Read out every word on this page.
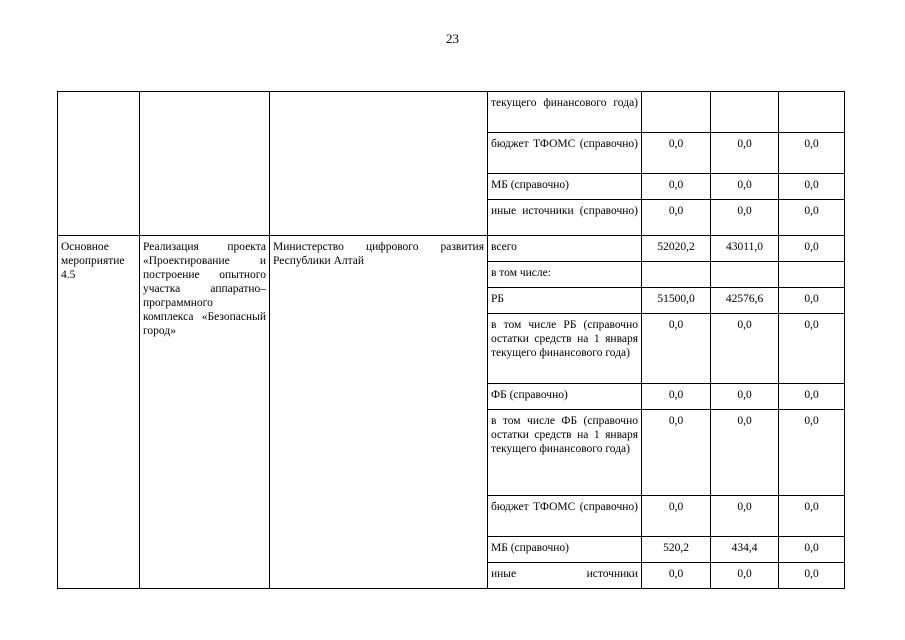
23
			текущего финансового года)			
			бюджет ТФОМС (справочно)	0,0	0,0	0,0
			МБ (справочно)	0,0	0,0	0,0
			иные источники (справочно)	0,0	0,0	0,0
Основное мероприятие 4.5	Реализация проекта «Проектирование и построение опытного участка аппаратно–программного комплекса «Безопасный город»	Министерство цифрового развития Республики Алтай	всего	52020,2	43011,0	0,0
			в том числе:			
			РБ	51500,0	42576,6	0,0
			в том числе РБ (справочно остатки средств на 1 января текущего финансового года)	0,0	0,0	0,0
			ФБ (справочно)	0,0	0,0	0,0
			в том числе ФБ (справочно остатки средств на 1 января текущего финансового года)	0,0	0,0	0,0
			бюджет ТФОМС (справочно)	0,0	0,0	0,0
			МБ (справочно)	520,2	434,4	0,0
			иные источники	0,0	0,0	0,0
